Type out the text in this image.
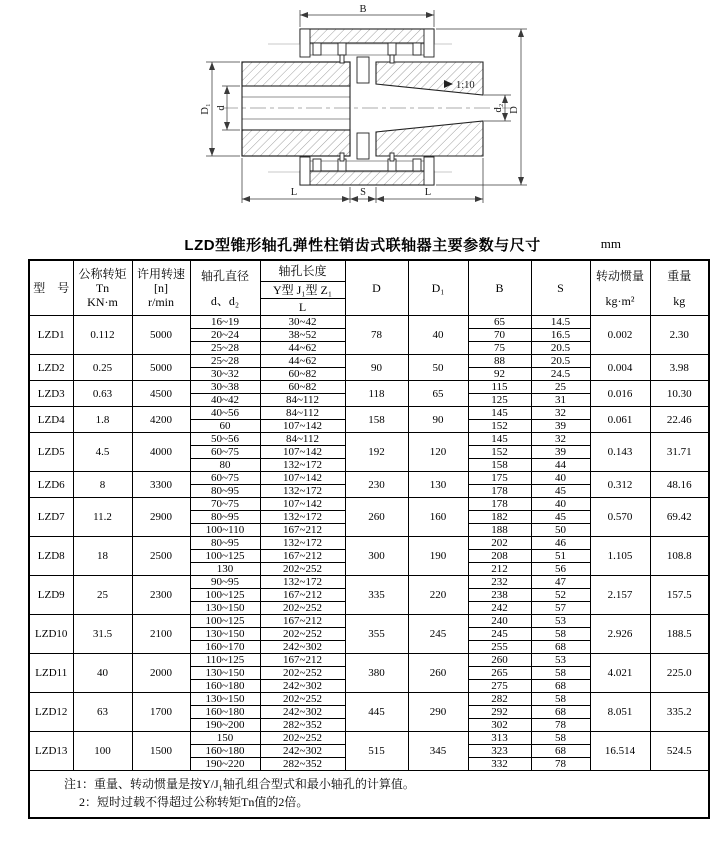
B
D
d₂
D₁ d
L	S	L
1:10
LZD型锥形轴孔弹性柱销齿式联轴器主要参数与尺寸	mm
型　号	
公称转矩
Tn
KN·m

许用转速
[n]
r/min

轴孔直径
d、d₂
	轴孔长度	D	D₁	B	S	
转动惯量
kg·m²

重量
kg

				Y型 J₁型 Z₁						
				L						
LZD1	0.112	5000	16~19	30~42	78	40	65	14.5	0.002	2.30
			20~24	38~52			70	16.5		
			25~28	44~62			75	20.5		
LZD2	0.25	5000	25~28	44~62	90	50	88	20.5	0.004	3.98
			30~32	60~82			92	24.5		
LZD3	0.63	4500	30~38	60~82	118	65	115	25	0.016	10.30
			40~42	84~112			125	31		
LZD4	1.8	4200	40~56	84~112	158	90	145	32	0.061	22.46
			60	107~142			152	39		
LZD5	4.5	4000	50~56	84~112	192	120	145	32	0.143	31.71
			60~75	107~142			152	39		
			80	132~172			158	44		
LZD6	8	3300	60~75	107~142	230	130	175	40	0.312	48.16
			80~95	132~172			178	45		
LZD7	11.2	2900	70~75	107~142	260	160	178	40	0.570	69.42
			80~95	132~172			182	45		
			100~110	167~212			188	50		
LZD8	18	2500	80~95	132~172	300	190	202	46	1.105	108.8
			100~125	167~212			208	51		
			130	202~252			212	56		
LZD9	25	2300	90~95	132~172	335	220	232	47	2.157	157.5
			100~125	167~212			238	52		
			130~150	202~252			242	57		
LZD10	31.5	2100	100~125	167~212	355	245	240	53	2.926	188.5
			130~150	202~252			245	58		
			160~170	242~302			255	68		
LZD11	40	2000	110~125	167~212	380	260	260	53	4.021	225.0
			130~150	202~252			265	58		
			160~180	242~302			275	68		
LZD12	63	1700	130~150	202~252	445	290	282	58	8.051	335.2
			160~180	242~302			292	68		
			190~200	282~352			302	78		
LZD13	100	1500	150	202~252	515	345	313	58	16.514	524.5
			160~180	242~302			323	68		
			190~220	282~352			332	78		

注1：重量、转动惯量是按Y/J₁轴孔组合型式和最小轴孔的计算值。
2：短时过载不得超过公称转矩Tn值的2倍。										
